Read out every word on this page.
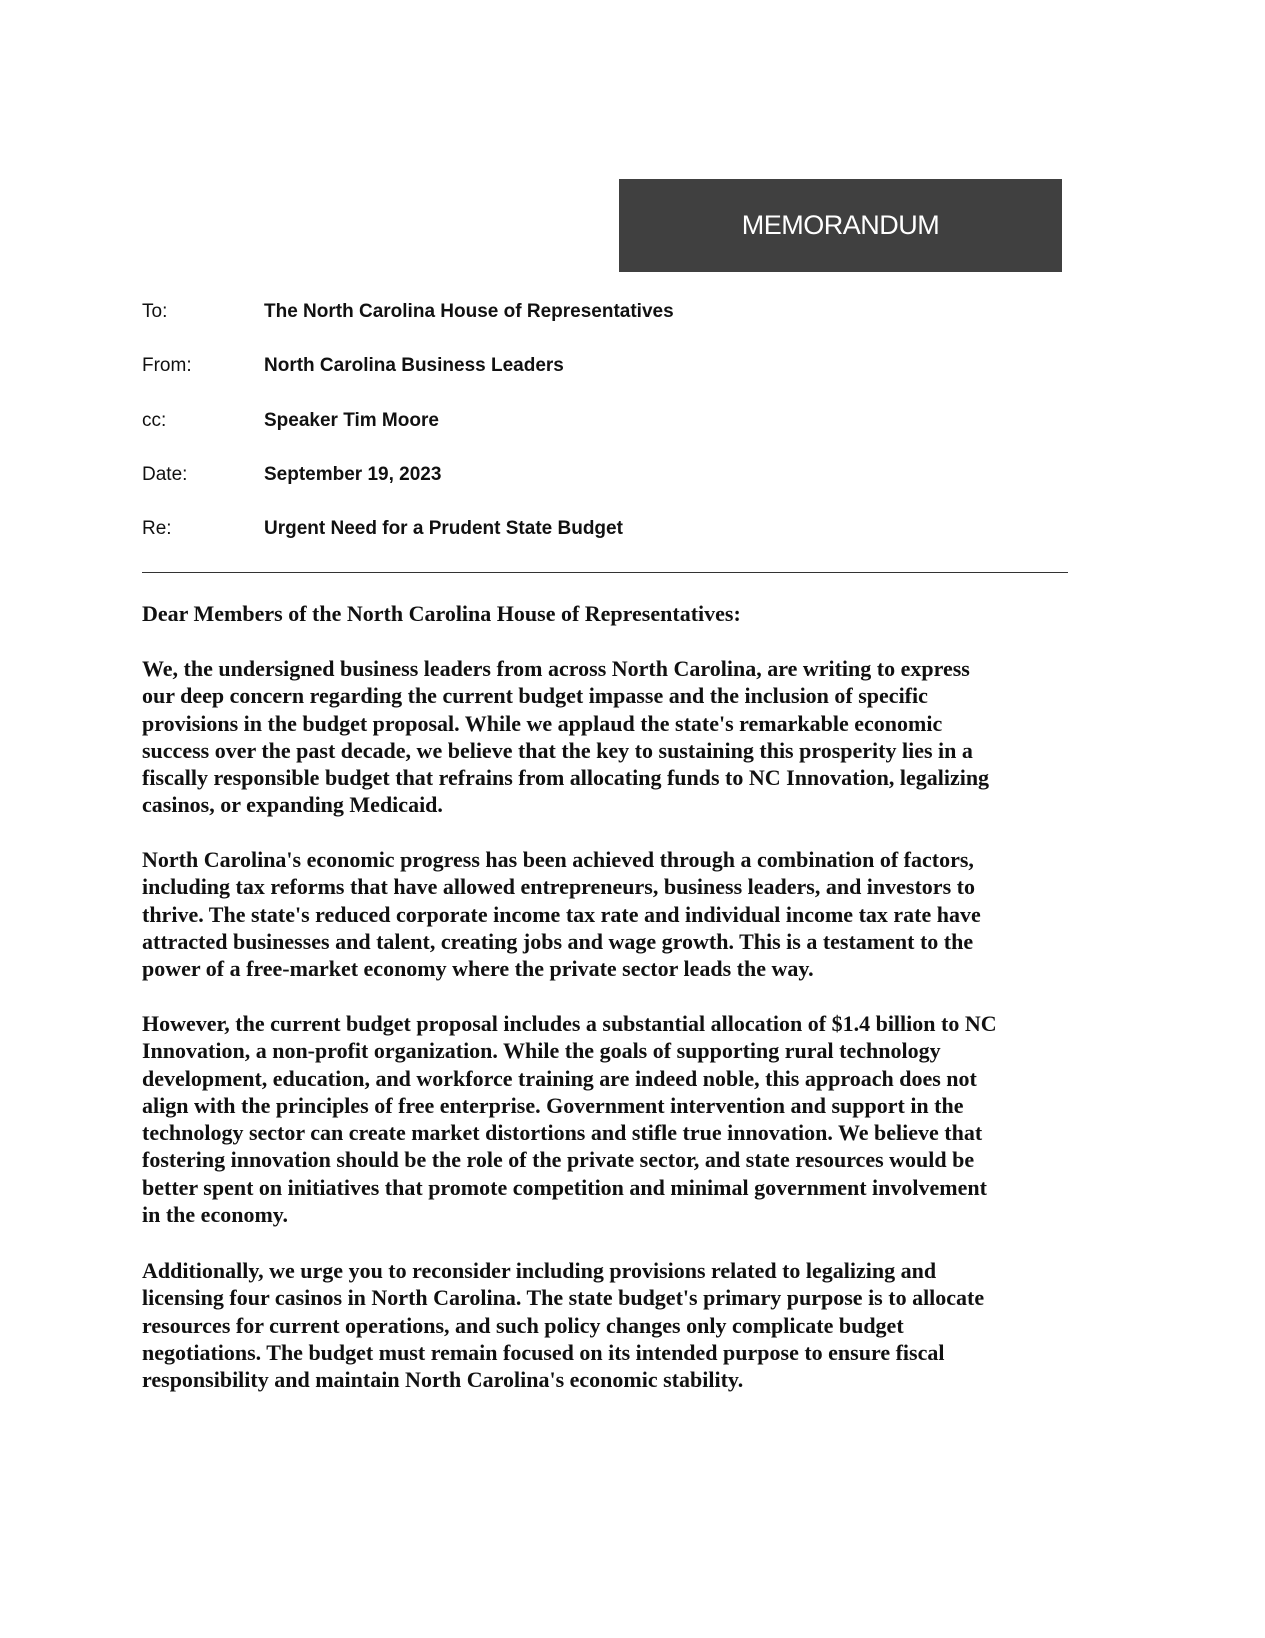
MEMORANDUM
To:	The North Carolina House of Representatives
From:	North Carolina Business Leaders
cc:	Speaker Tim Moore
Date:	September 19, 2023
Re:	Urgent Need for a Prudent State Budget
Dear Members of the North Carolina House of Representatives:
We, the undersigned business leaders from across North Carolina, are writing to express
our deep concern regarding the current budget impasse and the inclusion of specific
provisions in the budget proposal. While we applaud the state's remarkable economic
success over the past decade, we believe that the key to sustaining this prosperity lies in a
fiscally responsible budget that refrains from allocating funds to NC Innovation, legalizing
casinos, or expanding Medicaid.
North Carolina's economic progress has been achieved through a combination of factors,
including tax reforms that have allowed entrepreneurs, business leaders, and investors to
thrive. The state's reduced corporate income tax rate and individual income tax rate have
attracted businesses and talent, creating jobs and wage growth. This is a testament to the
power of a free-market economy where the private sector leads the way.
However, the current budget proposal includes a substantial allocation of $1.4 billion to NC
Innovation, a non-profit organization. While the goals of supporting rural technology
development, education, and workforce training are indeed noble, this approach does not
align with the principles of free enterprise. Government intervention and support in the
technology sector can create market distortions and stifle true innovation. We believe that
fostering innovation should be the role of the private sector, and state resources would be
better spent on initiatives that promote competition and minimal government involvement
in the economy.
Additionally, we urge you to reconsider including provisions related to legalizing and
licensing four casinos in North Carolina. The state budget's primary purpose is to allocate
resources for current operations, and such policy changes only complicate budget
negotiations. The budget must remain focused on its intended purpose to ensure fiscal
responsibility and maintain North Carolina's economic stability.
